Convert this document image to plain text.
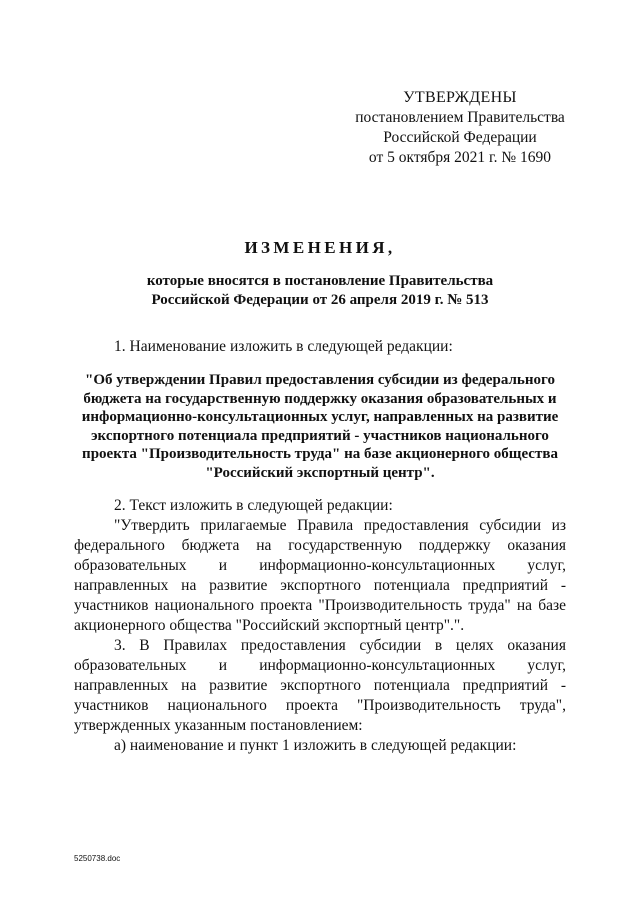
УТВЕРЖДЕНЫ
постановлением Правительства
Российской Федерации
от 5 октября 2021 г. № 1690
ИЗМЕНЕНИЯ,
которые вносятся в постановление Правительства
Российской Федерации от 26 апреля 2019 г. № 513

1. Наименование изложить в следующей редакции:

"Об утверждении Правил предоставления субсидии из федерального бюджета на государственную поддержку оказания образовательных и информационно-консультационных услуг, направленных на развитие экспортного потенциала предприятий - участников национального проекта "Производительность труда" на базе акционерного общества "Российский экспортный центр".

2. Текст изложить в следующей редакции:

"Утвердить прилагаемые Правила предоставления субсидии из федерального бюджета на государственную поддержку оказания образовательных и информационно-консультационных услуг, направленных на развитие экспортного потенциала предприятий - участников национального проекта "Производительность труда" на базе акционерного общества "Российский экспортный центр".".

3. В Правилах предоставления субсидии в целях оказания образовательных и информационно-консультационных услуг, направленных на развитие экспортного потенциала предприятий - участников национального проекта "Производительность труда", утвержденных указанным постановлением:

а) наименование и пункт 1 изложить в следующей редакции:

5250738.doc
